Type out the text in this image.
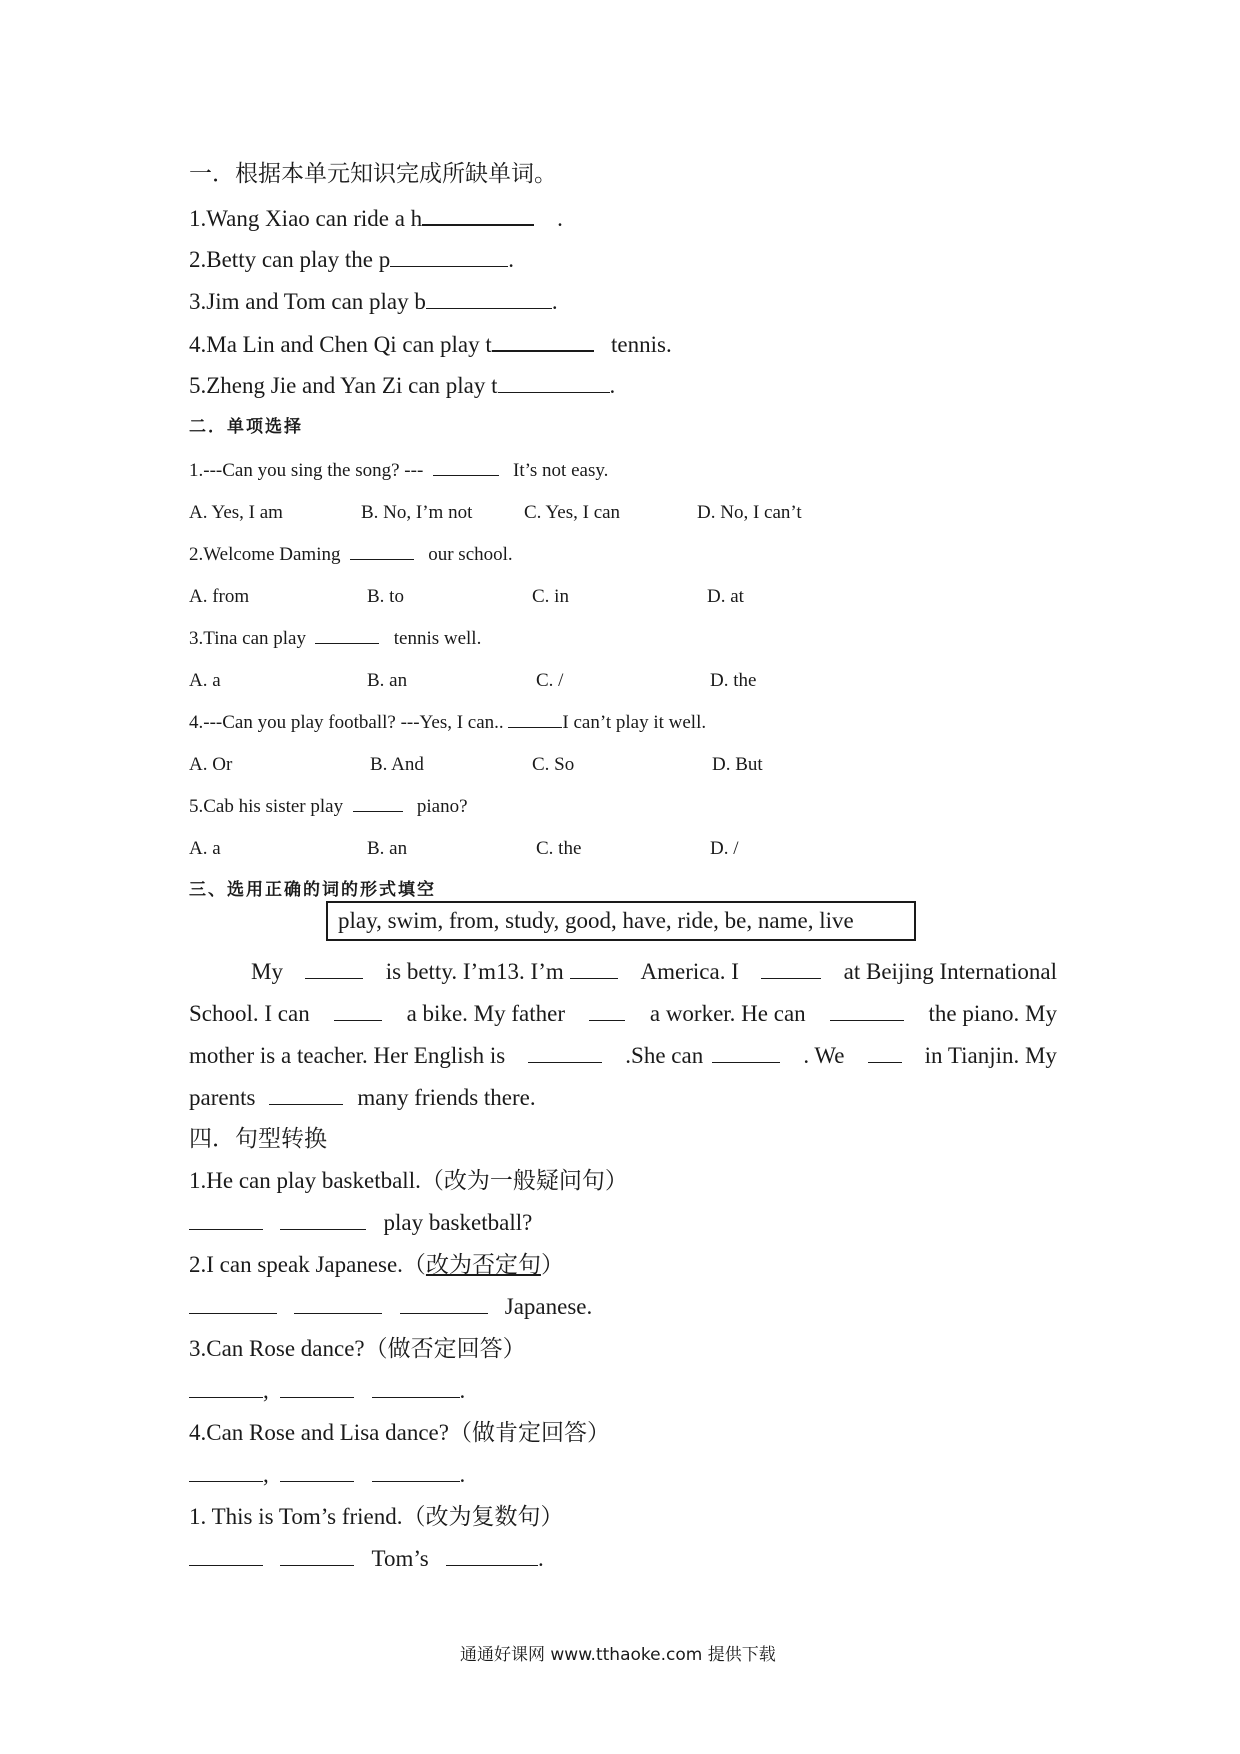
一．根据本单元知识完成所缺单词。
1.Wang Xiao can ride a h	.
2.Betty can play the p	.
3.Jim and Tom can play b	.
4.Ma Lin and Chen Qi can play t	tennis.
5.Zheng Jie and Yan Zi can play t	.
二．单项选择
1.---Can you sing the song? ---	It’s not easy.
A. Yes, I am	B. No, I’m not	C. Yes, I can	D. No, I can’t
2.Welcome Daming	our school.
A. from	B. to	C. in	D. at
3.Tina can play	tennis well.
A. a	B. an	C. /	D. the
4.---Can you play football? ---Yes, I can..	I can’t play it well.
A. Or	B. And	C. So	D. But
5.Cab his sister play	piano?
A. a	B. an	C. the	D. /
三、选用正确的词的形式填空
play, swim, from, study, good, have, ride, be, name, live
My	is betty. I’m13. I’m	America. I	at Beijing International
School. I can	a bike. My father	a worker. He can	the piano. My
mother is a teacher. Her English is	.She can	. We	in Tianjin. My
parents	many friends there.
四．句型转换
1.He can play basketball.（改为一般疑问句）
play basketball?
2.I can speak Japanese.（改为否定句）
Japanese.
3.Can Rose dance?（做否定回答）
,	.
4.Can Rose and Lisa dance?（做肯定回答）
,	.
1. This is Tom’s friend.（改为复数句）
Tom’s	.
通通好课网 www.tthaoke.com 提供下载
